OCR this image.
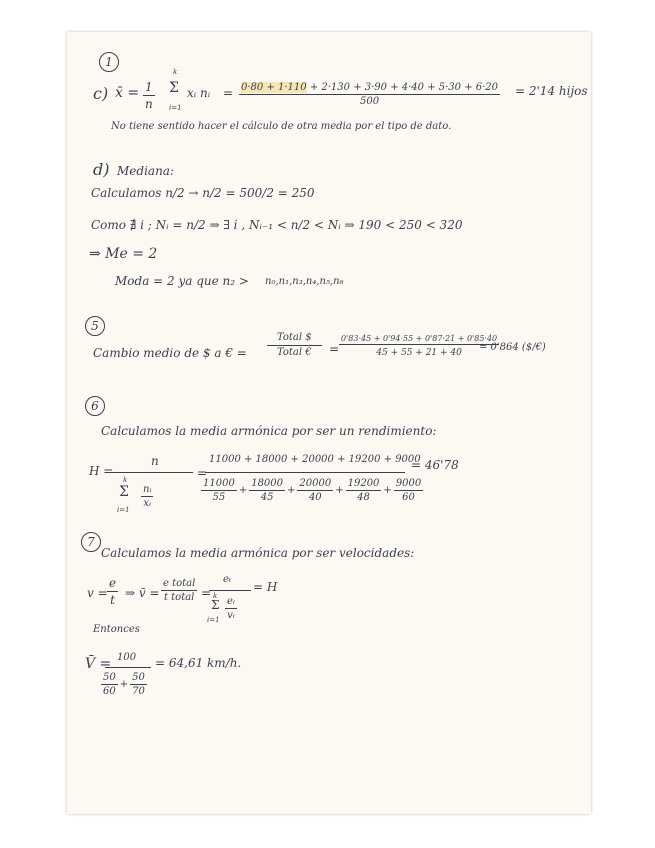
1
c) x̄ = $\frac{1}{n}$
k
Σ
i=1
xᵢ nᵢ = $\frac{0\cdot 80 + 1\cdot 110 + 2\cdot 130 + 3\cdot 90 + 4\cdot 40 + 5\cdot 30 + 6\cdot 20}{500} = 2'14$ hijos
No tiene sentido hacer el cálculo de otra media por el tipo de dato.
d) Mediana:
Calculamos n/2 → n/2 = 500/2 = 250
Como ∄ i ; Nᵢ = n/2 ⇒ ∃ i , Nᵢ₋₁ < n/2 < Nᵢ ⇒ 190 < 250 < 320
⇒ Me = 2
Moda = 2 ya que n₂ > n₀,n₁,n₃,n₄,n₅,n₆
5
Cambio medio de $ a € =
Total $
Total € = $\frac{0'83\cdot 45 + 0'94\cdot 55 + 0'87\cdot 21 + 0'85\cdot 40}{45 + 55 + 21 + 40}$
= 0'864 ($/€)
6
Calculamos la media armónica por ser un rendimiento:
H =
n
k
Σ
i=1
$\frac{\text{nᵢ}}{\text{xᵢ}}$
=
11000 + 18000 + 20000 + 19200 + 9000
$\frac{11000}{55} + \frac{18000}{45} + \frac{20000}{40} + \frac{19200}{48} + \frac{9000}{60}$
= 46'78
7
Calculamos la media armónica por ser velocidades:
$v = \frac{e}{t}$ ⇒ v̄ =
e total
t total =
eₜ
k
Σ
$i=1 \frac{\text{eᵢ}}{\text{vᵢ}}$
= H
Entonces
V̄ = 100
$\frac{50}{60} + \frac{50}{70}$
= 64,61 km/h.
